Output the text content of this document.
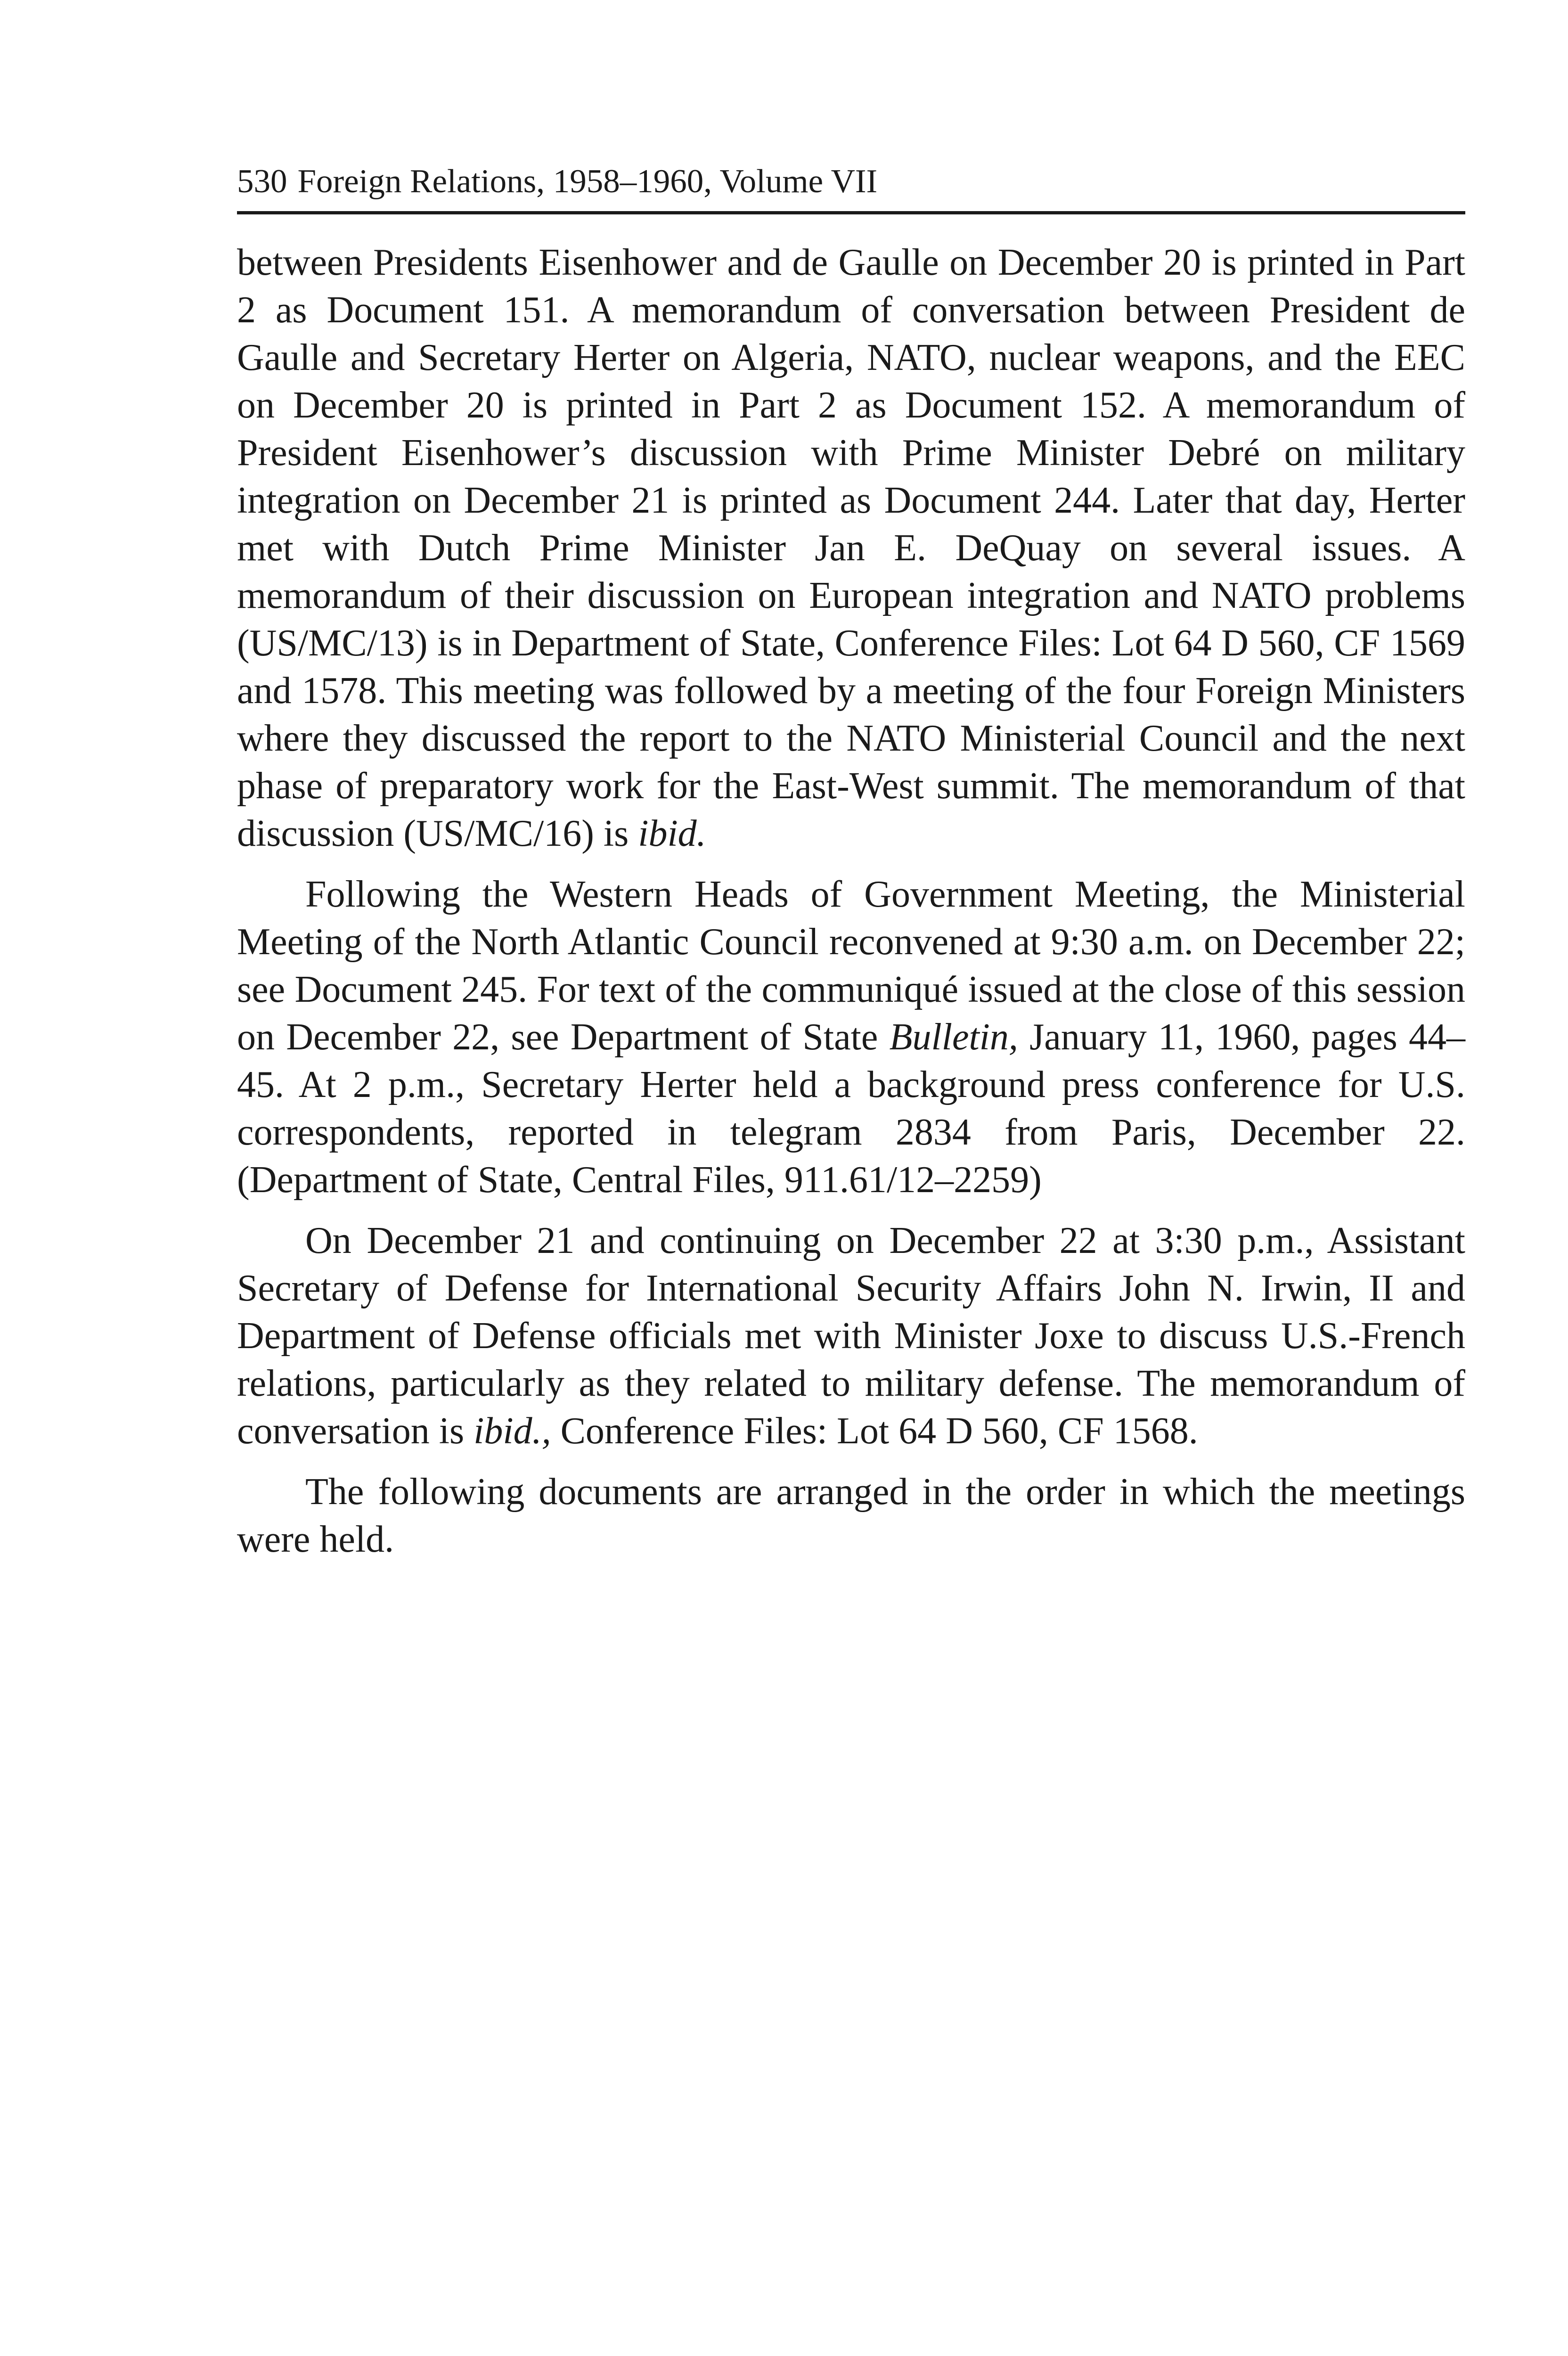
530 Foreign Relations, 1958–1960, Volume VII

between Presidents Eisenhower and de Gaulle on December 20 is printed in Part 2 as Document 151. A memorandum of conversation between President de Gaulle and Secretary Herter on Algeria, NATO, nuclear weapons, and the EEC on December 20 is printed in Part 2 as Document 152. A memorandum of President Eisenhower’s discussion with Prime Minister Debré on military integration on December 21 is printed as Document 244. Later that day, Herter met with Dutch Prime Minister Jan E. DeQuay on several issues. A memorandum of their discussion on European integration and NATO problems (US/MC/13) is in Department of State, Conference Files: Lot 64 D 560, CF 1569 and 1578. This meeting was followed by a meeting of the four Foreign Ministers where they discussed the report to the NATO Ministerial Council and the next phase of preparatory work for the East-West summit. The memorandum of that discussion (US/MC/16) is ibid.

Following the Western Heads of Government Meeting, the Ministerial Meeting of the North Atlantic Council reconvened at 9:30 a.m. on December 22; see Document 245. For text of the communiqué issued at the close of this session on December 22, see Department of State Bulletin, January 11, 1960, pages 44–45. At 2 p.m., Secretary Herter held a background press conference for U.S. correspondents, reported in telegram 2834 from Paris, December 22. (Department of State, Central Files, 911.61/12–2259)

On December 21 and continuing on December 22 at 3:30 p.m., Assistant Secretary of Defense for International Security Affairs John N. Irwin, II and Department of Defense officials met with Minister Joxe to discuss U.S.-French relations, particularly as they related to military defense. The memorandum of conversation is ibid., Conference Files: Lot 64 D 560, CF 1568.

The following documents are arranged in the order in which the meetings were held.
